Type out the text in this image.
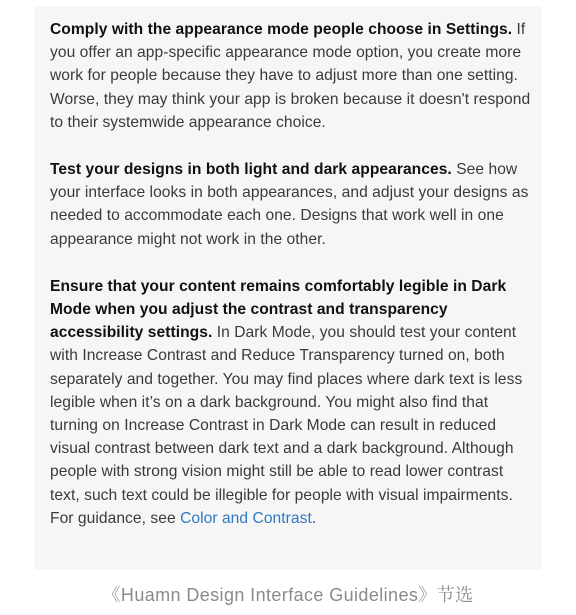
Comply with the appearance mode people choose in Settings. If you offer an app-specific appearance mode option, you create more work for people because they have to adjust more than one setting. Worse, they may think your app is broken because it doesn't respond to their systemwide appearance choice.

Test your designs in both light and dark appearances. See how your interface looks in both appearances, and adjust your designs as needed to accommodate each one. Designs that work well in one appearance might not work in the other.

Ensure that your content remains comfortably legible in Dark Mode when you adjust the contrast and transparency accessibility settings. In Dark Mode, you should test your content with Increase Contrast and Reduce Transparency turned on, both separately and together. You may find places where dark text is less legible when it’s on a dark background. You might also find that turning on Increase Contrast in Dark Mode can result in reduced visual contrast between dark text and a dark background. Although people with strong vision might still be able to read lower contrast text, such text could be illegible for people with visual impairments. For guidance, see Color and Contrast.

《Huamn Design Interface Guidelines》节选
